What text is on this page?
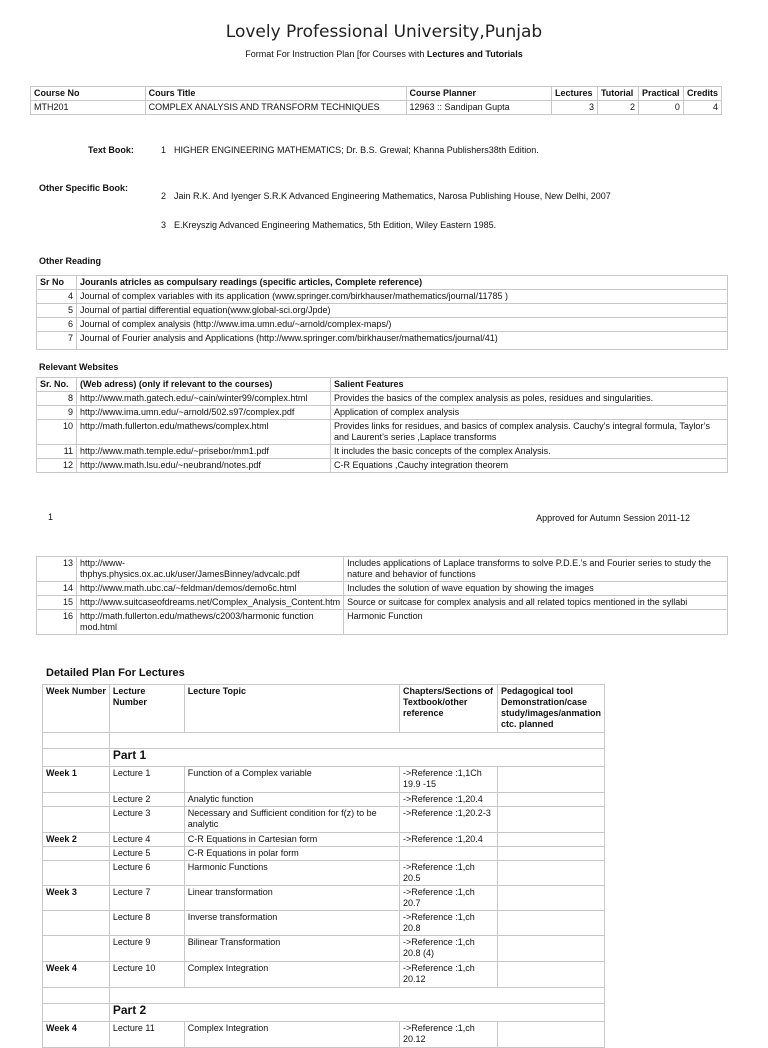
Lovely Professional University,Punjab
Format For Instruction Plan [for Courses with Lectures and Tutorials
Course No	Cours Title	Course Planner	Lectures	Tutorial	Practical	Credits
MTH201	COMPLEX ANALYSIS AND TRANSFORM TECHNIQUES	12963 :: Sandipan Gupta	3	2	0	4
Text Book:	1 HIGHER ENGINEERING MATHEMATICS; Dr. B.S. Grewal; Khanna Publishers38th Edition.
Other Specific Book:
2 Jain R.K. And Iyenger S.R.K Advanced Engineering Mathematics, Narosa Publishing House, New Delhi, 2007
3 E.Kreyszig Advanced Engineering Mathematics, 5th Edition, Wiley Eastern 1985.
Other Reading
Sr No	Jouranls atricles as compulsary readings (specific articles, Complete reference)
4	Journal of complex variables with its application (www.springer.com/birkhauser/mathematics/journal/11785 )
5	Journal of partial differential equation(www.global-sci.org/Jpde)
6	Journal of complex analysis (http://www.ima.umn.edu/~arnold/complex-maps/)
7	Journal of Fourier analysis and Applications (http://www.springer.com/birkhauser/mathematics/journal/41)
Relevant Websites
Sr. No.	(Web adress) (only if relevant to the courses)	Salient Features
8	http://www.math.gatech.edu/~cain/winter99/complex.html	Provides the basics of the complex analysis as poles, residues and singularities.
9	http://www.ima.umn.edu/~arnold/502.s97/complex.pdf	Application of complex analysis
10	http://math.fullerton.edu/mathews/complex.html	Provides links for residues, and basics of complex analysis. Cauchy’s integral formula, Taylor’s and Laurent’s series ,Laplace transforms
11	http://www.math.temple.edu/~prisebor/mm1.pdf	It includes the basic concepts of the complex Analysis.
12	http://www.math.lsu.edu/~neubrand/notes.pdf	C-R Equations ,Cauchy integration theorem
1	Approved for Autumn Session 2011-12
13	http://www-thphys.physics.ox.ac.uk/user/JamesBinney/advcalc.pdf	Includes applications of Laplace transforms to solve P.D.E.’s and Fourier series to study the nature and behavior of functions
14	http://www.math.ubc.ca/~feldman/demos/demo6c.html	Includes the solution of wave equation by showing the images
15	http://www.suitcaseofdreams.net/Complex_Analysis_Content.htm	Source or suitcase for complex analysis and all related topics mentioned in the syllabi
16	http://math.fullerton.edu/mathews/c2003/harmonic function mod.html	Harmonic Function
Detailed Plan For Lectures
Week Number	Lecture Number	Lecture Topic	Chapters/Sections of Textbook/other reference	Pedagogical tool Demonstration/case study/images/anmation ctc. planned

	Part 1			
Week 1	Lecture 1	Function of a Complex variable	->Reference :1,1Ch 19.9 -15	
	Lecture 2	Analytic function	->Reference :1,20.4	
	Lecture 3	Necessary and Sufficient condition for f(z) to be analytic	->Reference :1,20.2-3	
Week 2	Lecture 4	C-R Equations in Cartesian form	->Reference :1,20.4	
	Lecture 5	C-R Equations in polar form		
	Lecture 6	Harmonic Functions	->Reference :1,ch 20.5	
Week 3	Lecture 7	Linear transformation	->Reference :1,ch 20.7	
	Lecture 8	Inverse transformation	->Reference :1,ch 20.8	
	Lecture 9	Bilinear Transformation	->Reference :1,ch 20.8 (4)	
Week 4	Lecture 10	Complex Integration	->Reference :1,ch 20.12	

	Part 2			
Week 4	Lecture 11	Complex Integration	->Reference :1,ch 20.12	
